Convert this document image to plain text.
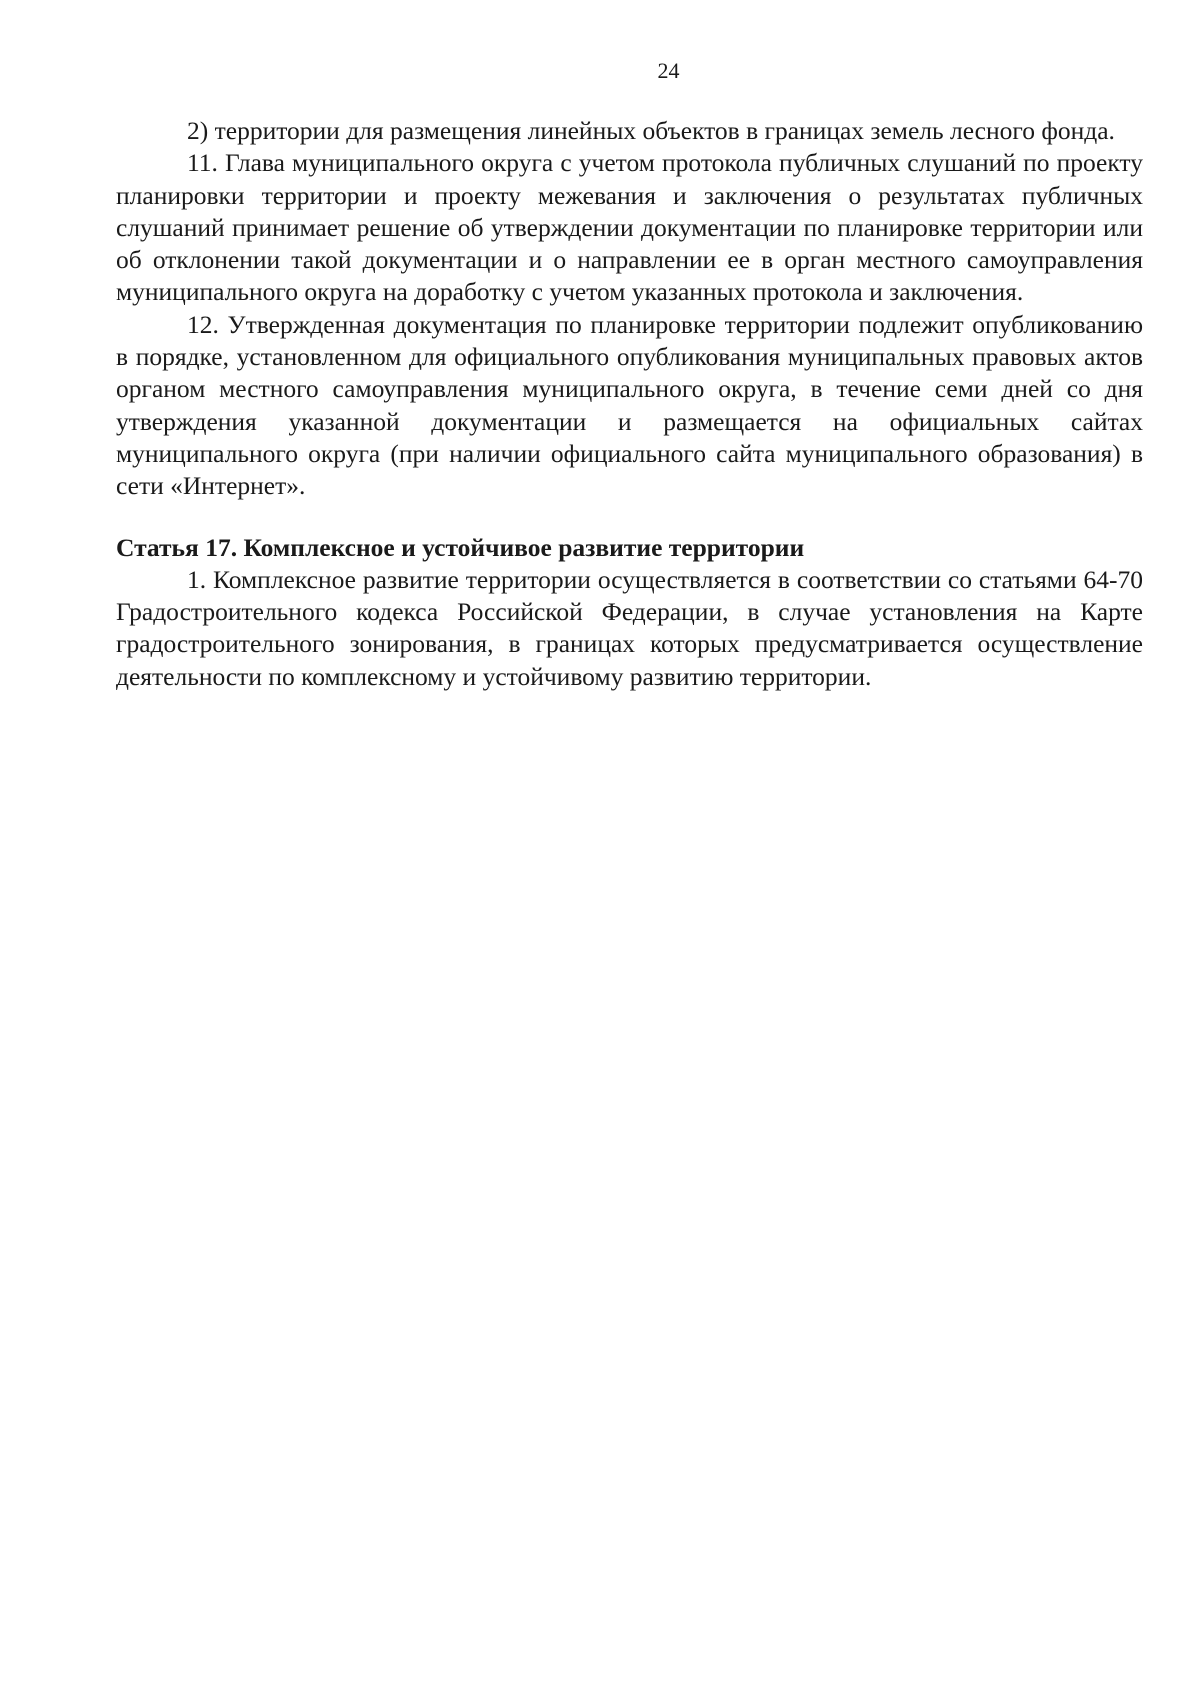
24

2) территории для размещения линейных объектов в границах земель лесного фонда.

11. Глава муниципального округа с учетом протокола публичных слушаний по проекту планировки территории и проекту межевания и заключения о результатах публичных слушаний принимает решение об утверждении документации по планировке территории или об отклонении такой документации и о направлении ее в орган местного самоуправления муниципального округа на доработку с учетом указанных протокола и заключения.

12. Утвержденная документация по планировке территории подлежит опубликованию в порядке, установленном для официального опубликования муниципальных правовых актов органом местного самоуправления муниципального округа, в течение семи дней со дня утверждения указанной документации и размещается на официальных сайтах муниципального округа (при наличии официального сайта муниципального образования) в сети «Интернет».

Статья 17. Комплексное и устойчивое развитие территории

1. Комплексное развитие территории осуществляется в соответствии со статьями 64-70 Градостроительного кодекса Российской Федерации, в случае установления на Карте градостроительного зонирования, в границах которых предусматривается осуществление деятельности по комплексному и устойчивому развитию территории.
